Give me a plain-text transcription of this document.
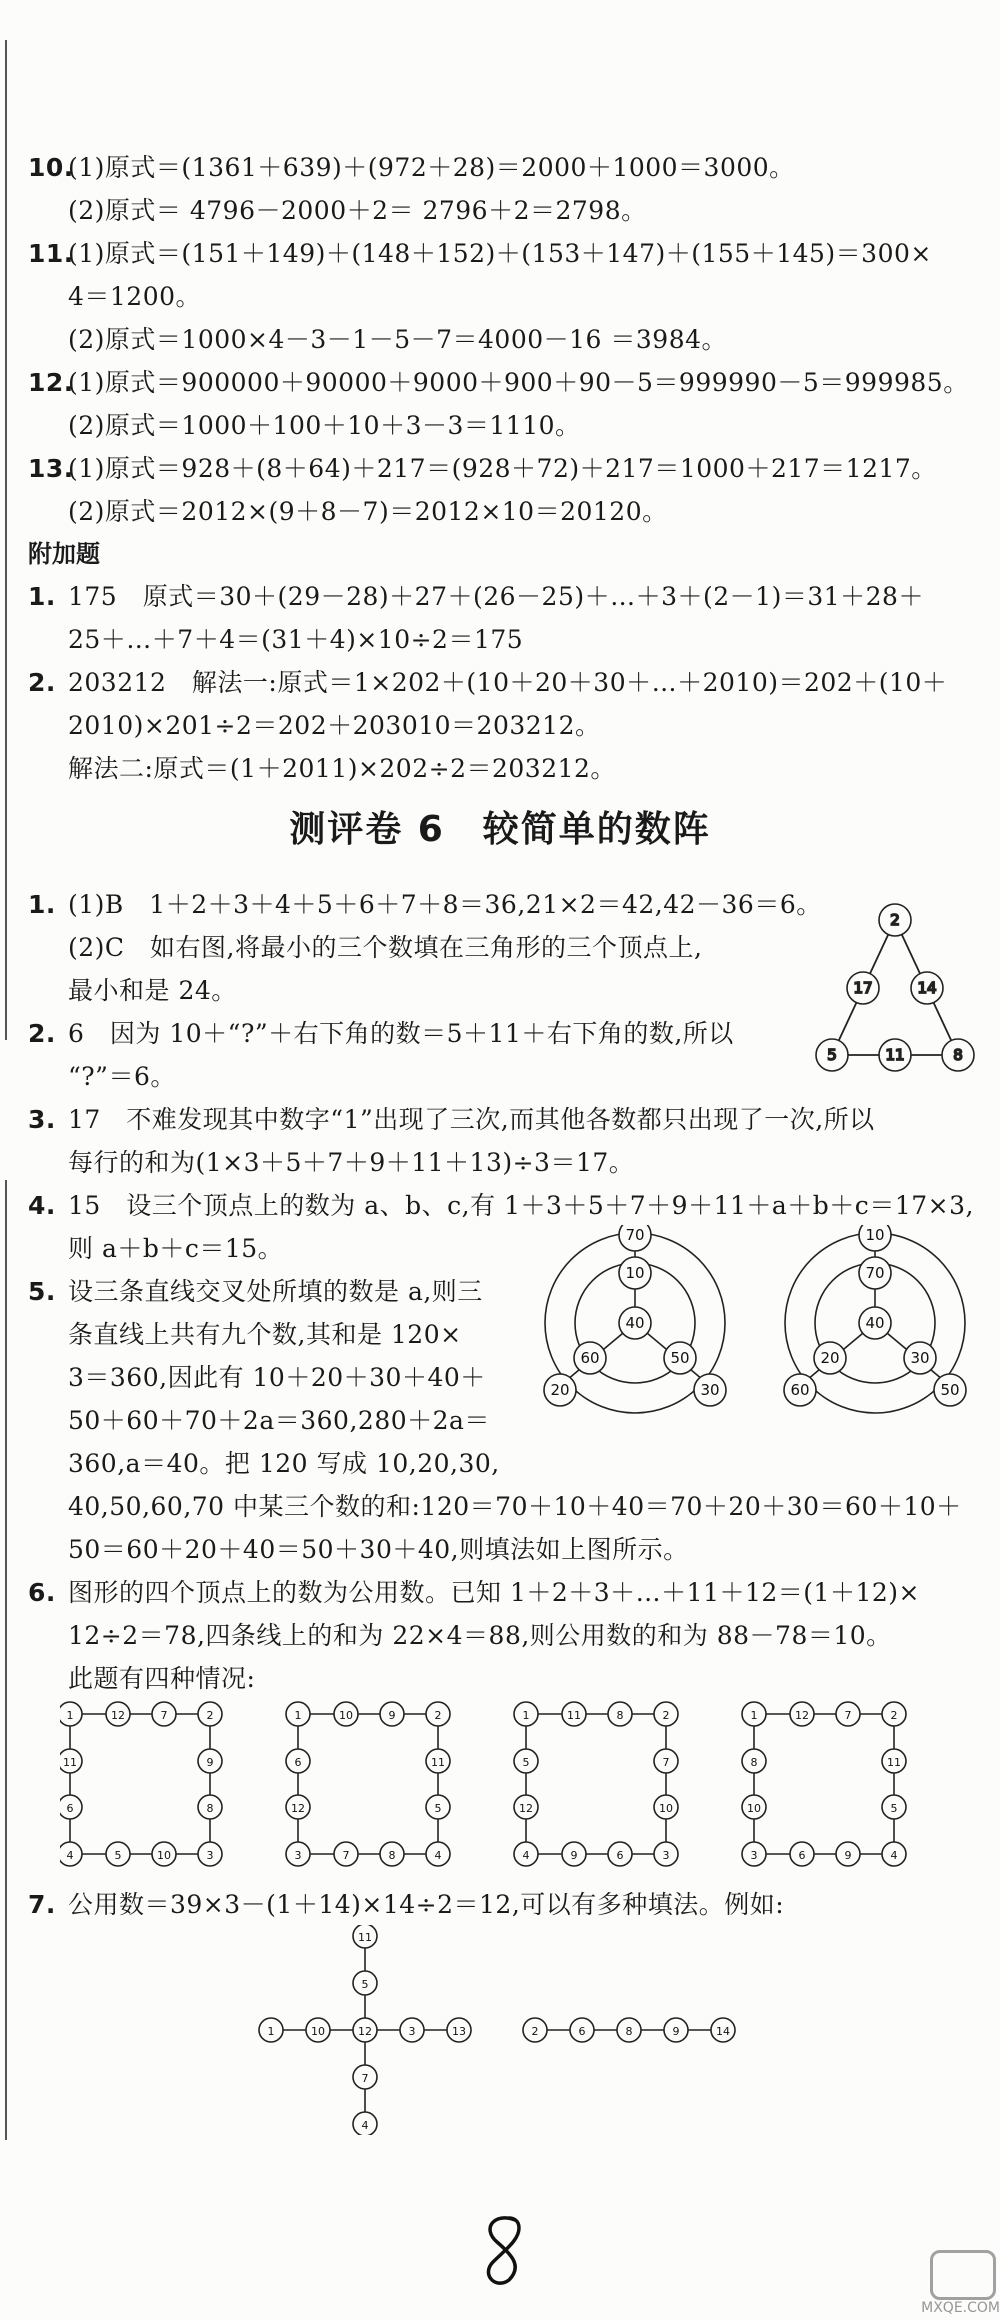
10.
(1)原式＝(1361＋639)＋(972＋28)＝2000＋1000＝3000。
(2)原式＝ 4796－2000＋2＝ 2796＋2＝2798。
11.
(1)原式＝(151＋149)＋(148＋152)＋(153＋147)＋(155＋145)＝300×
4＝1200。
(2)原式＝1000×4－3－1－5－7＝4000－16 ＝3984。
12.
(1)原式＝900000＋90000＋9000＋900＋90－5＝999990－5＝999985。
(2)原式＝1000＋100＋10＋3－3＝1110。
13.
(1)原式＝928＋(8＋64)＋217＝(928＋72)＋217＝1000＋217＝1217。
(2)原式＝2012×(9＋8－7)＝2012×10＝20120。
附加题
1. 175　原式＝30＋(29－28)＋27＋(26－25)＋…＋3＋(2－1)＝31＋28＋
25＋…＋7＋4＝(31＋4)×10÷2＝175
2. 203212　解法一:原式＝1×202＋(10＋20＋30＋…＋2010)＝202＋(10＋
2010)×201÷2＝202＋203010＝203212。
解法二:原式＝(1＋2011)×202÷2＝203212。
测评卷 6　较简单的数阵
1. (1)B　1＋2＋3＋4＋5＋6＋7＋8＝36,21×2＝42,42－36＝6。
(2)C　如右图,将最小的三个数填在三角形的三个顶点上,
最小和是 24。
2. 6　因为 10＋“?”＋右下角的数＝5＋11＋右下角的数,所以
“?”＝6。
3. 17　不难发现其中数字“1”出现了三次,而其他各数都只出现了一次,所以
每行的和为(1×3＋5＋7＋9＋11＋13)÷3＝17。
4. 15　设三个顶点上的数为 a、b、c,有 1＋3＋5＋7＋9＋11＋a＋b＋c＝17×3,
则 a＋b＋c＝15。
5. 设三条直线交叉处所填的数是 a,则三
条直线上共有九个数,其和是 120×
3＝360,因此有 10＋20＋30＋40＋
50＋60＋70＋2a＝360,280＋2a＝
360,a＝40。把 120 写成 10,20,30,
40,50,60,70 中某三个数的和:120＝70＋10＋40＝70＋20＋30＝60＋10＋
50＝60＋20＋40＝50＋30＋40,则填法如上图所示。
6. 图形的四个顶点上的数为公用数。已知 1＋2＋3＋…＋11＋12＝(1＋12)×
12÷2＝78,四条线上的和为 22×4＝88,则公用数的和为 88－78＝10。
此题有四种情况:
7. 公用数＝39×3－(1＋14)×14÷2＝12,可以有多种填法。例如:
2
17	14
5	11	8
70
10
40
60	50
20	30
10
70
40
20	30
60	50
1	12	7	2
4	5	10	3
11
6
9
8
1	10	9	2
3	7	8	4
6
12
11
5
1	11	8	2
4	9	6	3
5
12
7
10
1	12	7	2
3	6	9	4
8
10
11
5
11
5
7
4
1	10	12	3	13	2	6	8	9	14
MXQE.COM
